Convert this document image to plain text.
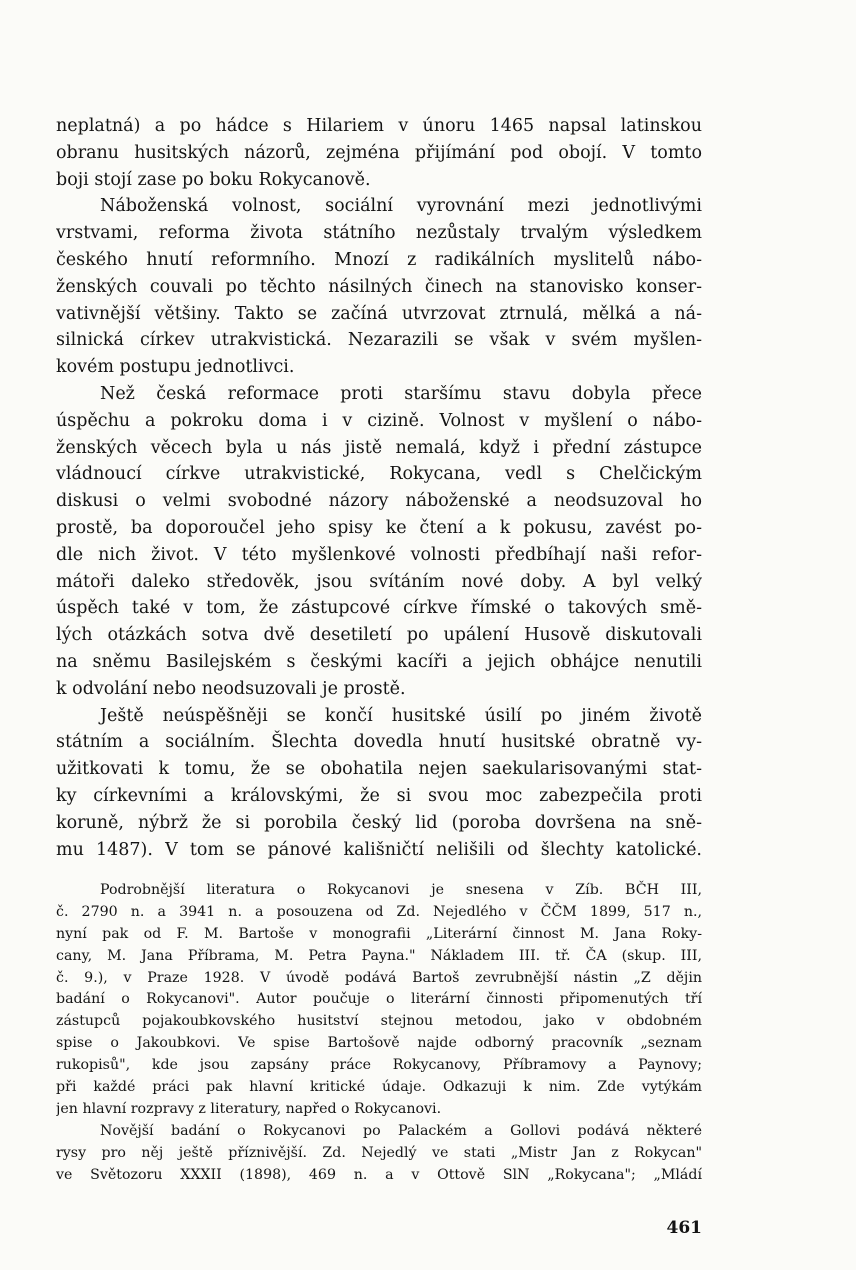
neplatná) a po hádce s Hilariem v únoru 1465 napsal latinskou
obranu husitských názorů, zejména přijímání pod obojí. V tomto
boji stojí zase po boku Rokycanově.
Náboženská volnost, sociální vyrovnání mezi jednotlivými
vrstvami, reforma života státního nezůstaly trvalým výsledkem
českého hnutí reformního. Mnozí z radikálních myslitelů nábo-
ženských couvali po těchto násilných činech na stanovisko konser-
vativnější většiny. Takto se začíná utvrzovat ztrnulá, mělká a ná-
silnická církev utrakvistická. Nezarazili se však v svém myšlen-
kovém postupu jednotlivci.
Než česká reformace proti staršímu stavu dobyla přece
úspěchu a pokroku doma i v cizině. Volnost v myšlení o nábo-
ženských věcech byla u nás jistě nemalá, když i přední zástupce
vládnoucí církve utrakvistické, Rokycana, vedl s Chelčickým
diskusi o velmi svobodné názory náboženské a neodsuzoval ho
prostě, ba doporoučel jeho spisy ke čtení a k pokusu, zavést po-
dle nich život. V této myšlenkové volnosti předbíhají naši refor-
mátoři daleko středověk, jsou svítáním nové doby. A byl velký
úspěch také v tom, že zástupcové církve římské o takových smě-
lých otázkách sotva dvě desetiletí po upálení Husově diskutovali
na sněmu Basilejském s českými kacíři a jejich obhájce nenutili
k odvolání nebo neodsuzovali je prostě.
Ještě neúspěšněji se končí husitské úsilí po jiném životě
státním a sociálním. Šlechta dovedla hnutí husitské obratně vy-
užitkovati k tomu, že se obohatila nejen saekularisovanými stat-
ky církevními a královskými, že si svou moc zabezpečila proti
koruně, nýbrž že si porobila český lid (poroba dovršena na sně-
mu 1487). V tom se pánové kališničtí nelišili od šlechty katolické.
Podrobnější literatura o Rokycanovi je snesena v Zíb. BČH III,
č. 2790 n. a 3941 n. a posouzena od Zd. Nejedlého v ČČM 1899, 517 n.,
nyní pak od F. M. Bartoše v monografii „Literární činnost M. Jana Roky-
cany, M. Jana Příbrama, M. Petra Payna." Nákladem III. tř. ČA (skup. III,
č. 9.), v Praze 1928. V úvodě podává Bartoš zevrubnější nástin „Z dějin
badání o Rokycanovi". Autor poučuje o literární činnosti připomenutých tří
zástupců pojakoubkovského husitství stejnou metodou, jako v obdobném
spise o Jakoubkovi. Ve spise Bartošově najde odborný pracovník „seznam
rukopisů", kde jsou zapsány práce Rokycanovy, Příbramovy a Paynovy;
při každé práci pak hlavní kritické údaje. Odkazuji k nim. Zde vytýkám
jen hlavní rozpravy z literatury, napřed o Rokycanovi.
Novější badání o Rokycanovi po Palackém a Gollovi podává některé
rysy pro něj ještě příznivější. Zd. Nejedlý ve stati „Mistr Jan z Rokycan"
ve Světozoru XXXII (1898), 469 n. a v Ottově SlN „Rokycana"; „Mládí
461
